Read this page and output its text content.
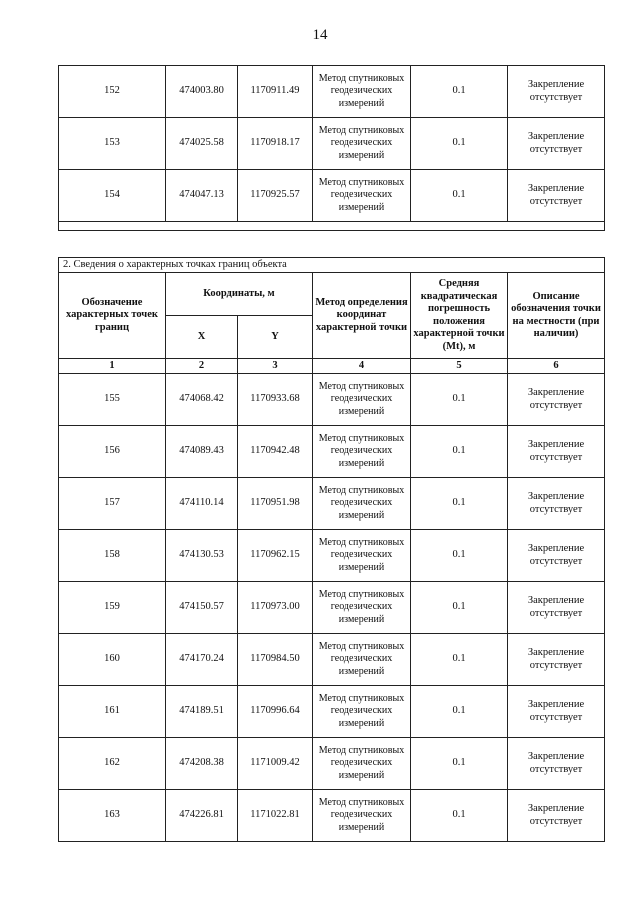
14
152	474003.80	1170911.49	Метод спутниковых геодезических измерений	0.1	Закрепление отсутствует
153	474025.58	1170918.17	Метод спутниковых геодезических измерений	0.1	Закрепление отсутствует
154	474047.13	1170925.57	Метод спутниковых геодезических измерений	0.1	Закрепление отсутствует

2. Сведения о характерных точках границ объекта					
Обозначение характерных точек границ	Координаты, м		Метод определения координат характерной точки	Средняя квадратическая погрешность положения характерной точки (Mt), м	Описание обозначения точки на местности (при наличии)
	X	Y			
1	2	3	4	5	6
155	474068.42	1170933.68	Метод спутниковых геодезических измерений	0.1	Закрепление отсутствует
156	474089.43	1170942.48	Метод спутниковых геодезических измерений	0.1	Закрепление отсутствует
157	474110.14	1170951.98	Метод спутниковых геодезических измерений	0.1	Закрепление отсутствует
158	474130.53	1170962.15	Метод спутниковых геодезических измерений	0.1	Закрепление отсутствует
159	474150.57	1170973.00	Метод спутниковых геодезических измерений	0.1	Закрепление отсутствует
160	474170.24	1170984.50	Метод спутниковых геодезических измерений	0.1	Закрепление отсутствует
161	474189.51	1170996.64	Метод спутниковых геодезических измерений	0.1	Закрепление отсутствует
162	474208.38	1171009.42	Метод спутниковых геодезических измерений	0.1	Закрепление отсутствует
163	474226.81	1171022.81	Метод спутниковых геодезических измерений	0.1	Закрепление отсутствует
